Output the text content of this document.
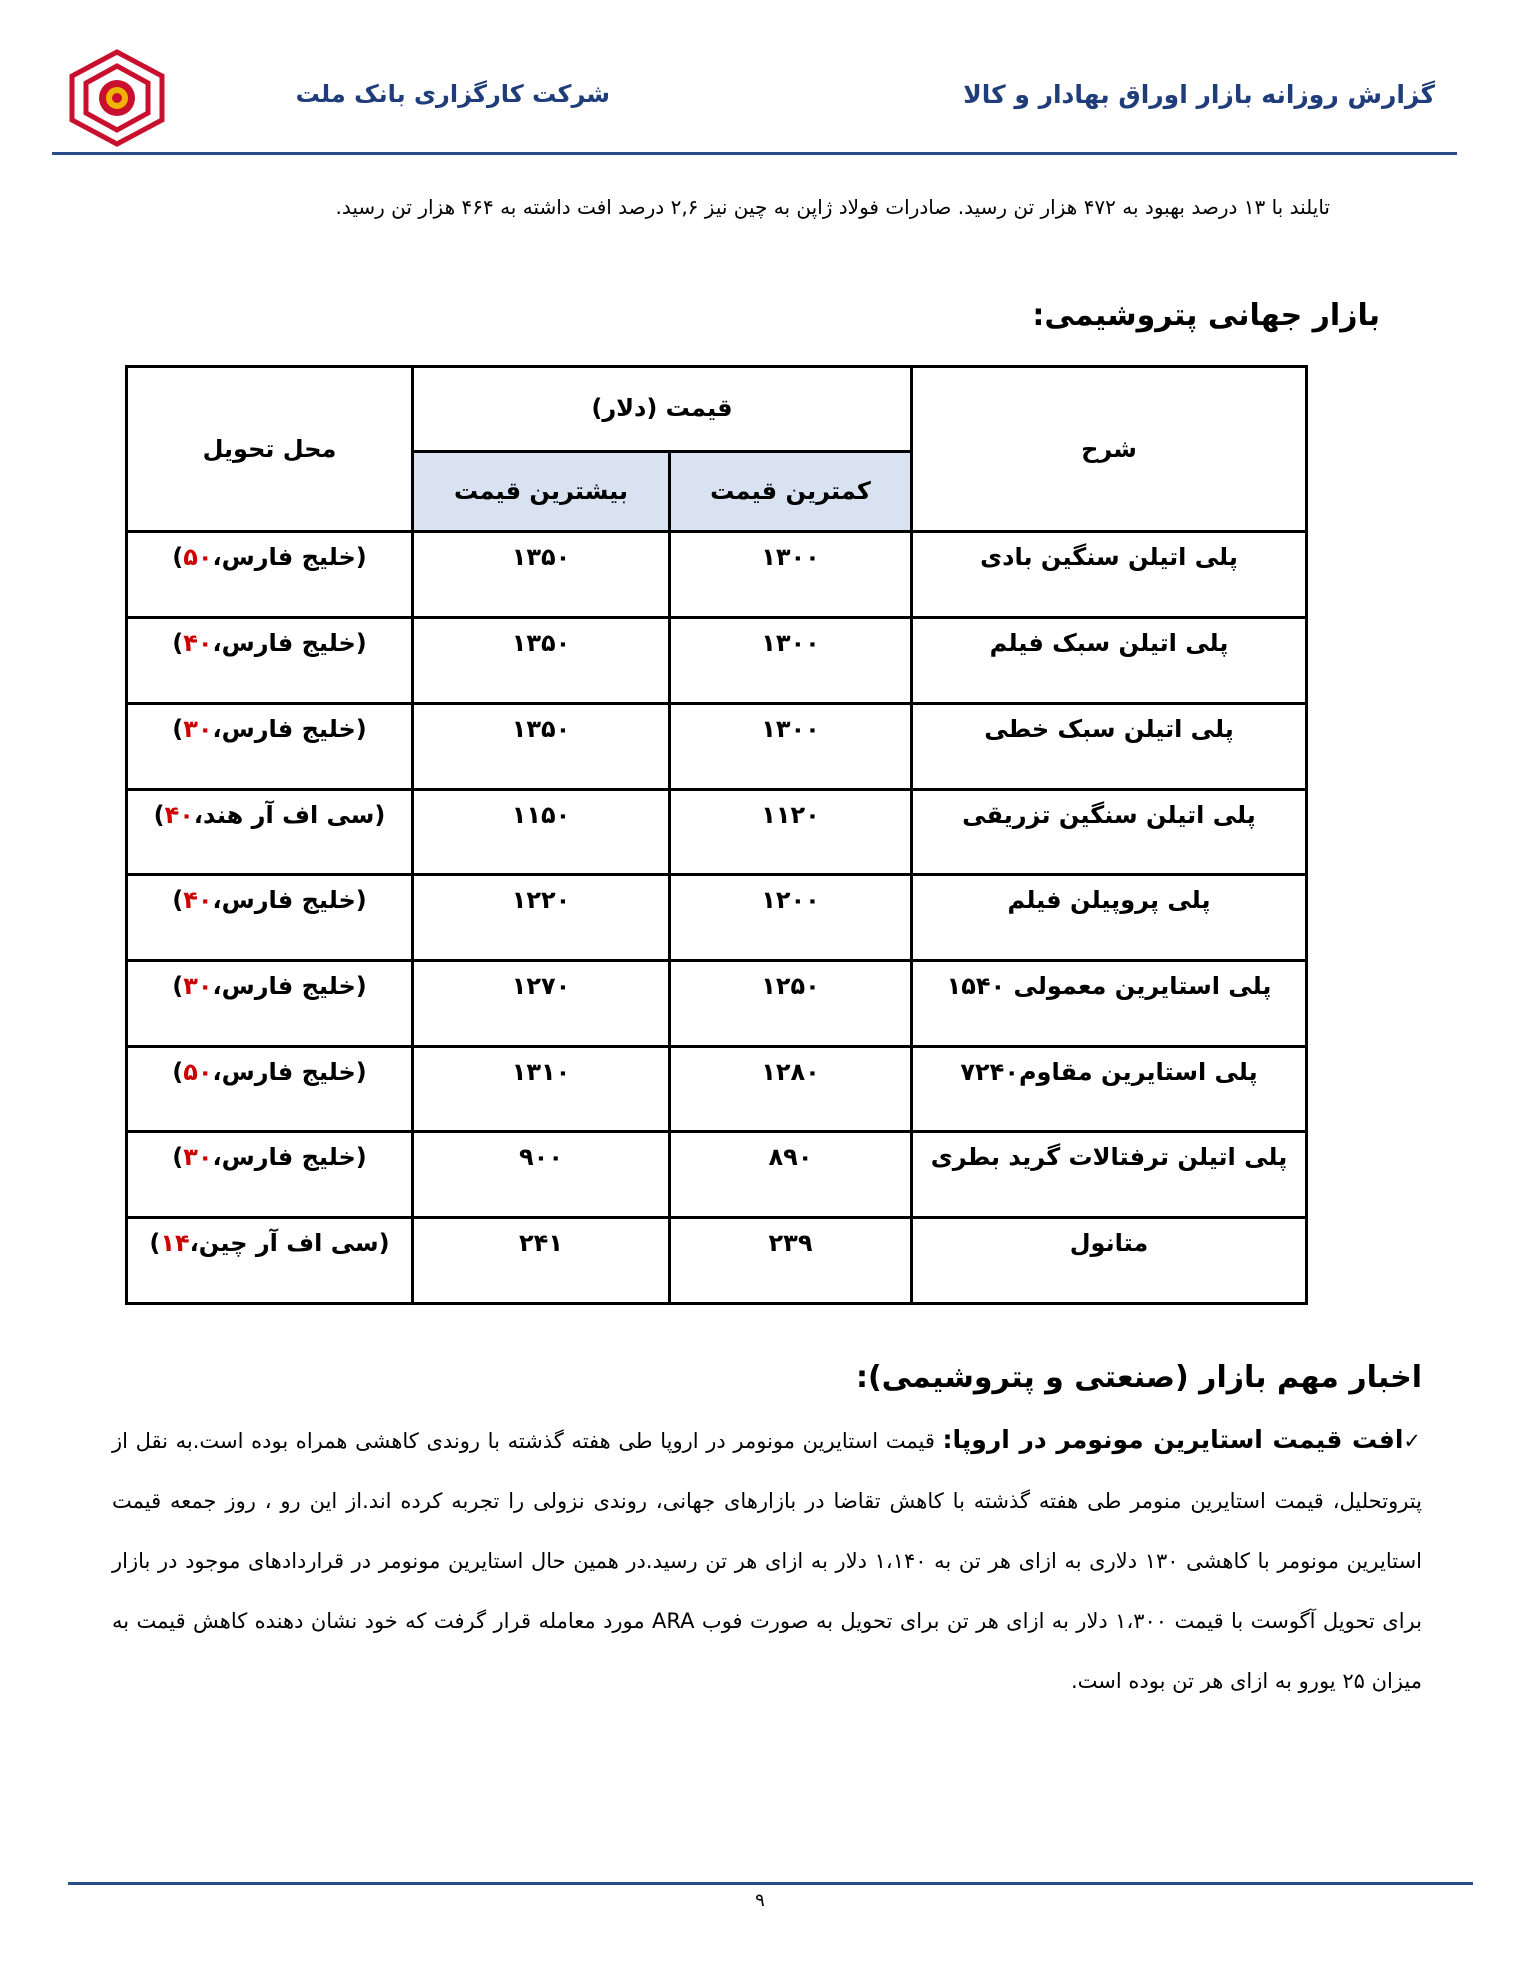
شرکت کارگزاری بانک ملت	گزارش روزانه بازار اوراق بهادار و کالا
تایلند با ۱۳ درصد بهبود به ۴۷۲ هزار تن رسید. صادرات فولاد ژاپن به چین نیز ۲,۶ درصد افت داشته به ۴۶۴ هزار تن رسید.
بازار جهانی پتروشیمی:
شرح	قیمت (دلار)		محل تحویل
	کمترین قیمت	بیشترین قیمت	
پلی اتیلن سنگین بادی	۱۳۰۰	۱۳۵۰	(خلیج فارس،۵۰)
پلی اتیلن سبک فیلم	۱۳۰۰	۱۳۵۰	(خلیج فارس،۴۰)
پلی اتیلن سبک خطی	۱۳۰۰	۱۳۵۰	(خلیج فارس،۳۰)
پلی اتیلن سنگین تزریقی	۱۱۲۰	۱۱۵۰	(سی اف آر هند،۴۰)
پلی پروپیلن فیلم	۱۲۰۰	۱۲۲۰	(خلیج فارس،۴۰)
پلی استایرین معمولی ۱۵۴۰	۱۲۵۰	۱۲۷۰	(خلیج فارس،۳۰)
پلی استایرین مقاوم۷۲۴۰	۱۲۸۰	۱۳۱۰	(خلیج فارس،۵۰)
پلی اتیلن ترفتالات گرید بطری	۸۹۰	۹۰۰	(خلیج فارس،۳۰)
متانول	۲۳۹	۲۴۱	(سی اف آر چین،۱۴)
اخبار مهم بازار (صنعتی و پتروشیمی):
✓افت قیمت استایرین مونومر در اروپا: قیمت استایرین مونومر در اروپا طی هفته گذشته با روندی کاهشی همراه بوده است.به نقل از پتروتحلیل، قیمت استایرین منومر طی هفته گذشته با کاهش تقاضا در بازارهای جهانی، روندی نزولی را تجربه کرده اند.از این رو ، روز جمعه قیمت استایرین مونومر با کاهشی ۱۳۰ دلاری به ازای هر تن به ۱،۱۴۰ دلار به ازای هر تن رسید.در همین حال استایرین مونومر در قراردادهای موجود در بازار برای تحویل آگوست با قیمت ۱،۳۰۰ دلار به ازای هر تن برای تحویل به صورت فوب ARA مورد معامله قرار گرفت که خود نشان دهنده کاهش قیمت به میزان ۲۵ یورو به ازای هر تن بوده است.
۹
